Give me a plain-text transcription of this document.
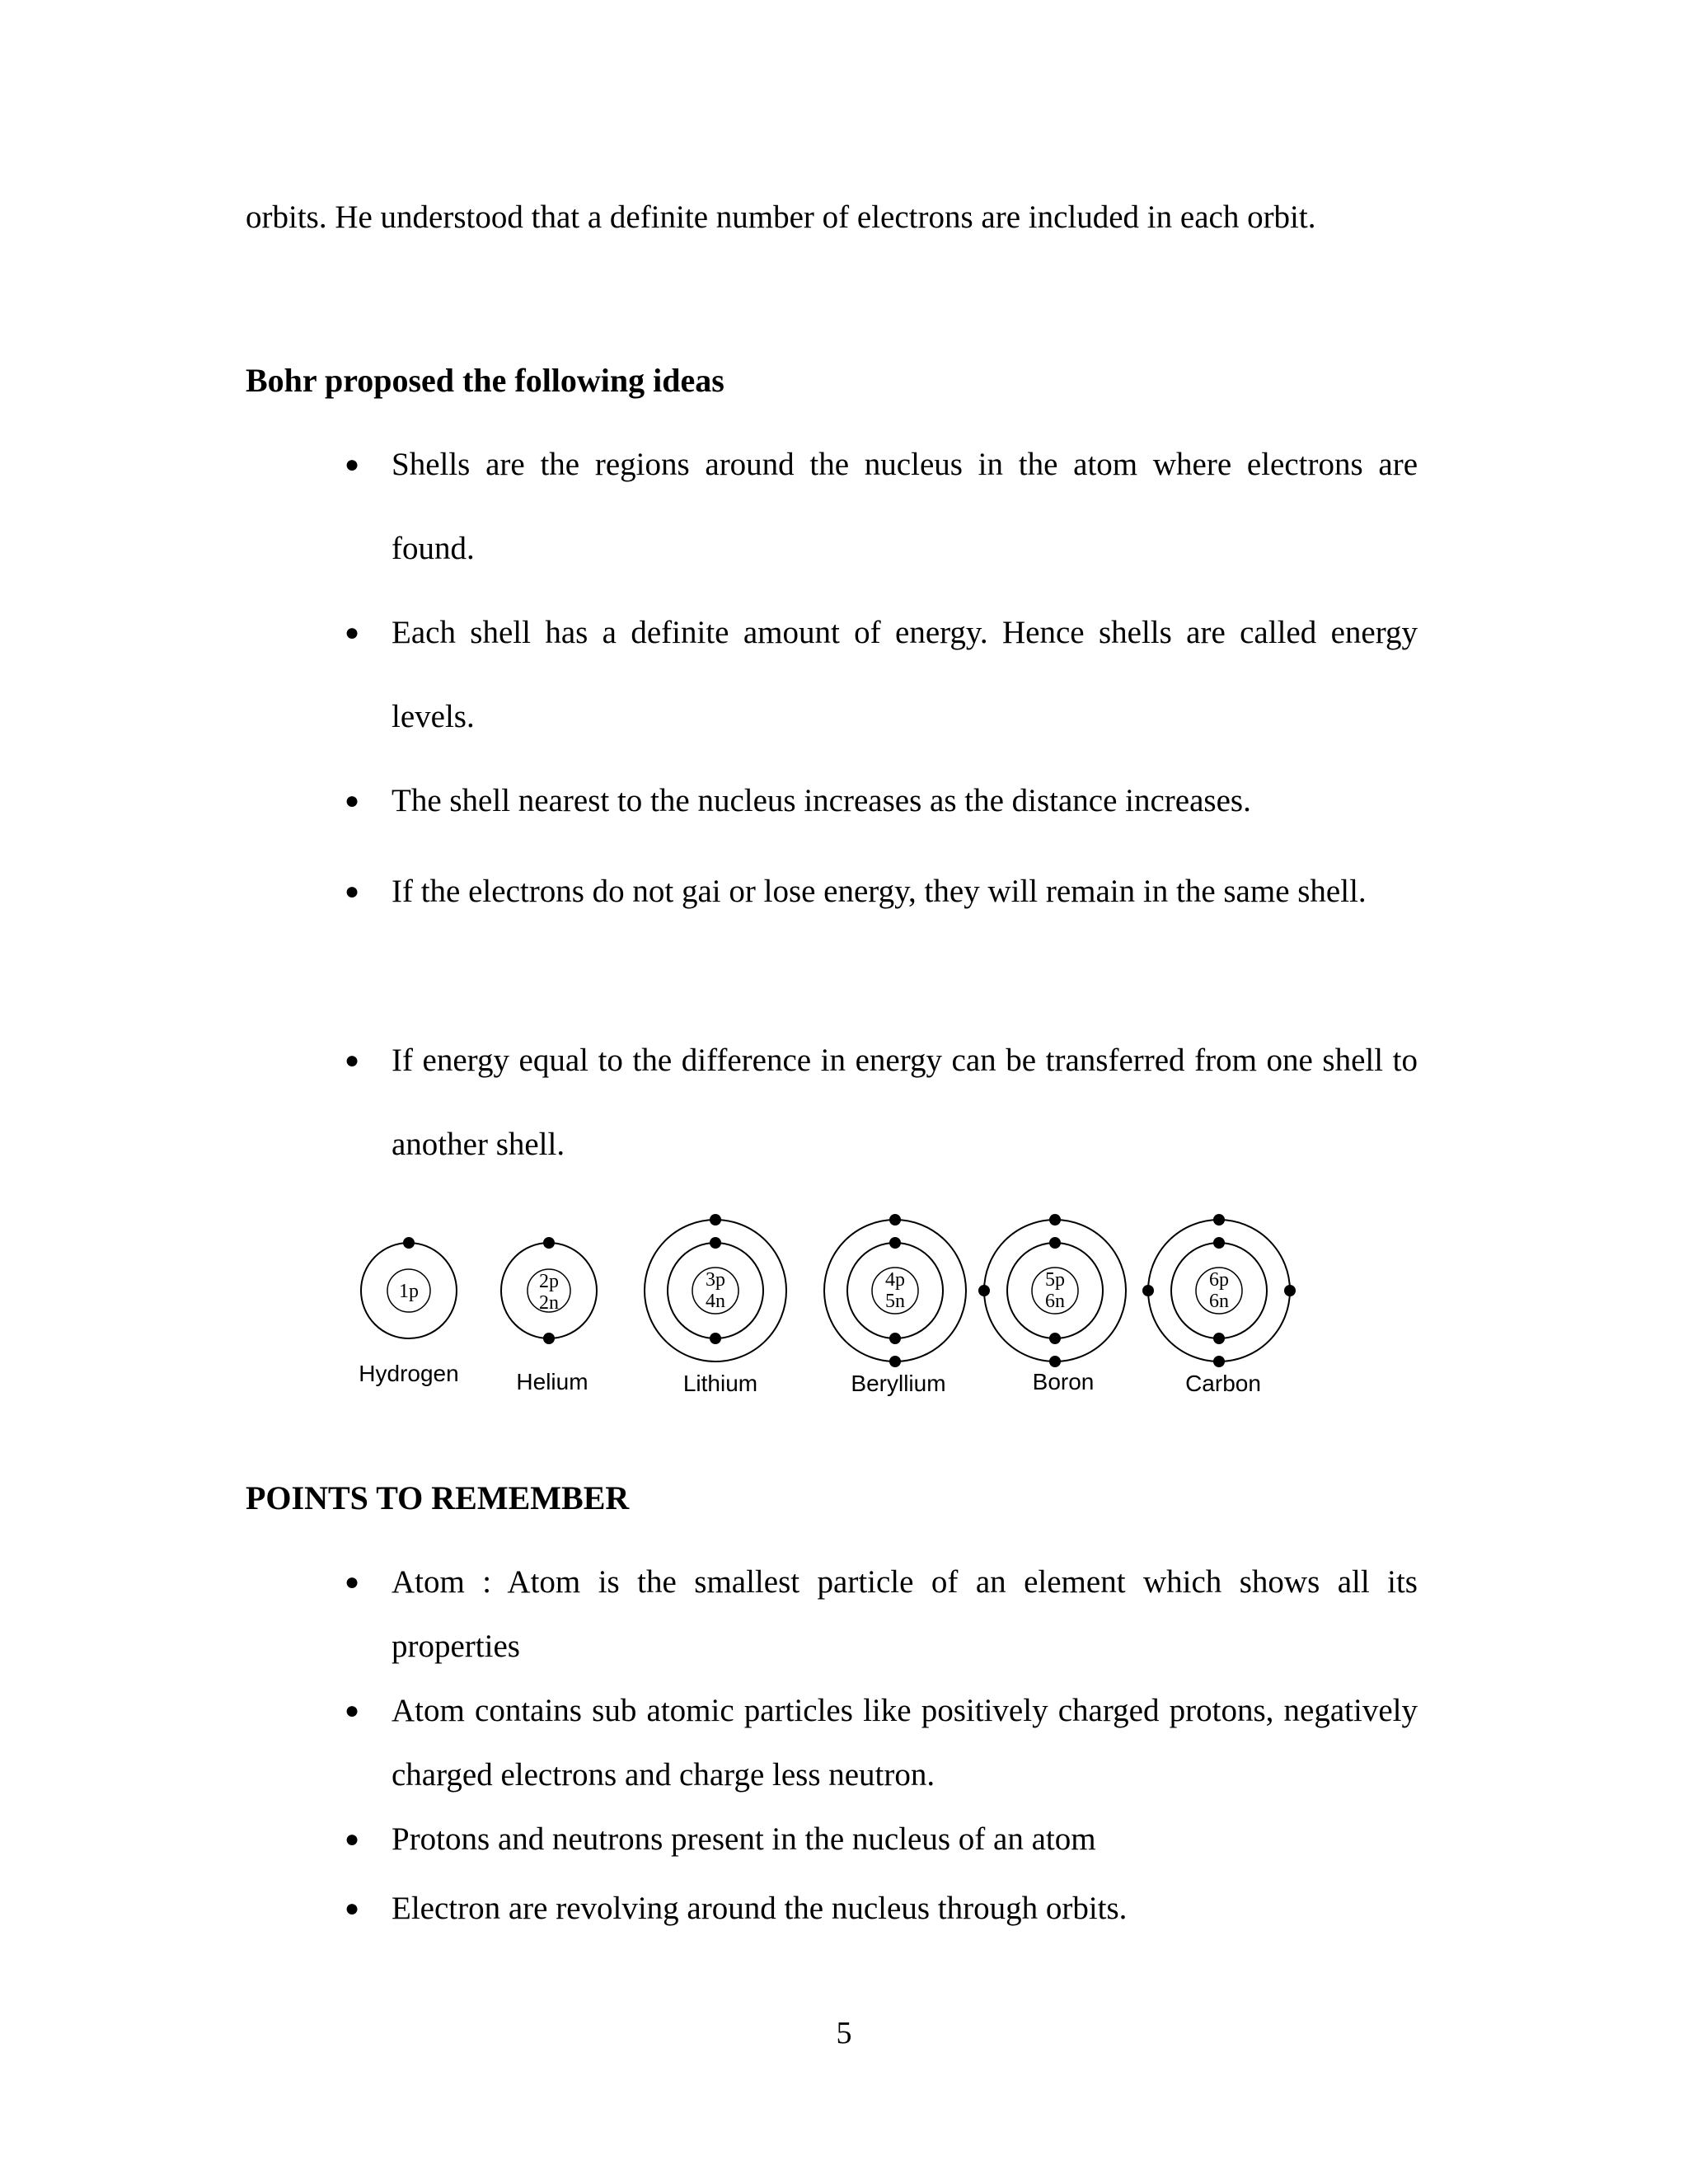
orbits. He understood that a definite number of electrons are included in each orbit.

Bohr proposed the following ideas
● Shells are the regions around the nucleus in the atom where electrons are found.
● Each shell has a definite amount of energy. Hence shells are called energy levels.
● The shell nearest to the nucleus increases as the distance increases.
● If the electrons do not gai or lose energy, they will remain in the same shell.
● If energy equal to the difference in energy can be transferred from one shell to another shell.
1p	2p
2n
3p
4n
4p
5n
5p
6n
6p
6n
Hydrogen Helium	Lithium	Beryllium	Boron	Carbon
POINTS TO REMEMBER
● Atom : Atom is the smallest particle of an element which shows all its properties
● Atom contains sub atomic particles like positively charged protons, negatively charged electrons and charge less neutron.
● Protons and neutrons present in the nucleus of an atom
● Electron are revolving around the nucleus through orbits.
5
